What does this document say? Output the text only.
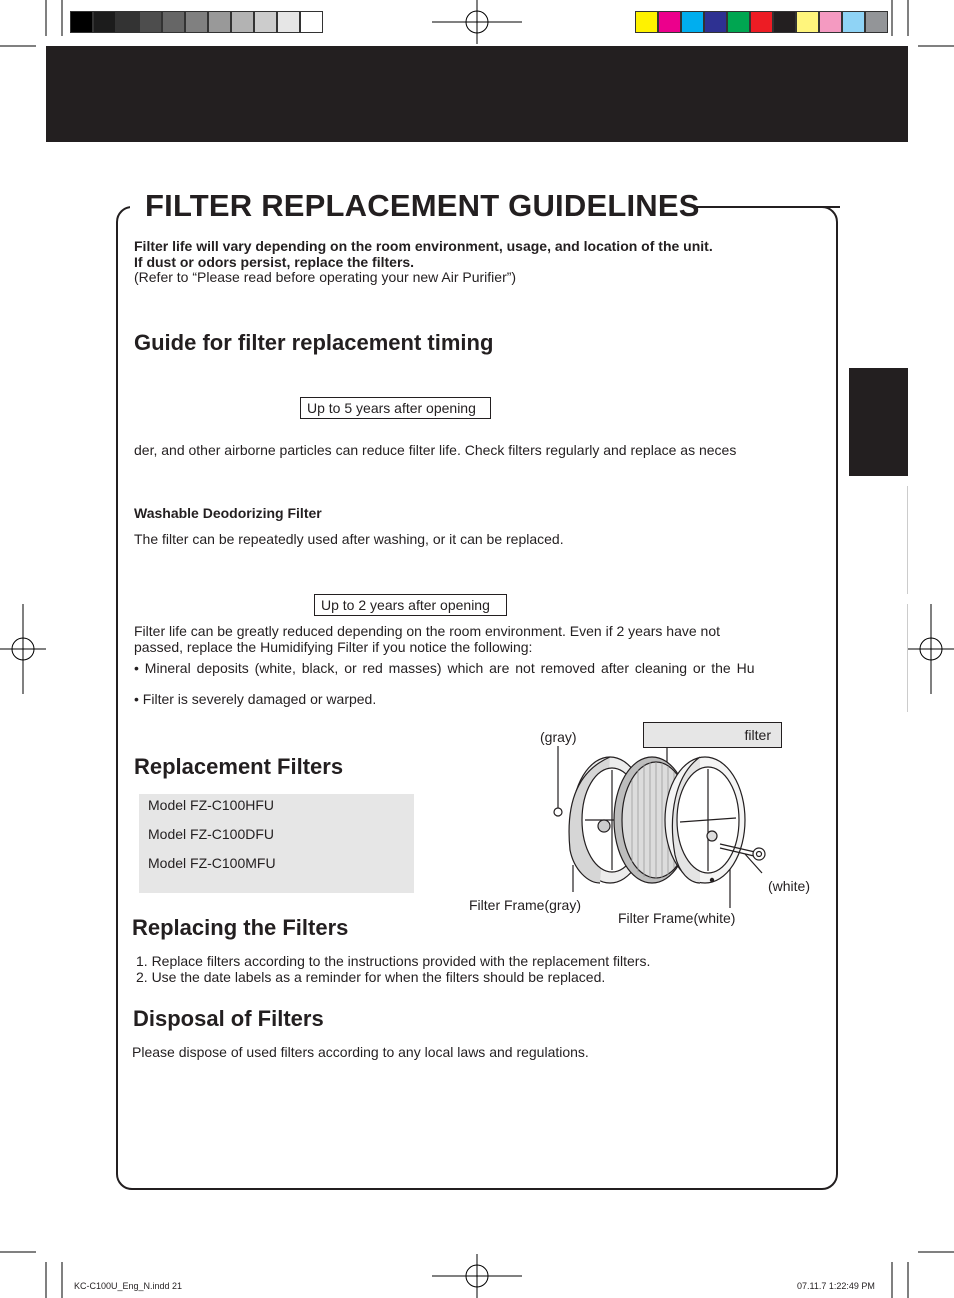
FILTER REPLACEMENT GUIDELINES
Filter life will vary depending on the room environment, usage, and location of the unit.
If dust or odors persist, replace the filters.
(Refer to “Please read before operating your new Air Purifier”)
Guide for filter replacement timing
Up to 5 years after opening
der, and other airborne particles can reduce filter life. Check filters regularly and replace as neces
Washable Deodorizing Filter
The filter can be repeatedly used after washing, or it can be replaced.
Up to 2 years after opening
Filter life can be greatly reduced depending on the room environment. Even if 2 years have not
passed, replace the Humidifying Filter if you notice the following:
• Mineral deposits (white, black, or red masses) which are not removed after cleaning or the Hu
• Filter is severely damaged or warped.
Replacement Filters
Model FZ-C100HFU
Model FZ-C100DFU
Model FZ-C100MFU
(gray)	filter
(white)
Filter Frame(gray)
Filter Frame(white)
Replacing the Filters
1. Replace filters according to the instructions provided with the replacement filters.
2. Use the date labels as a reminder for when the filters should be replaced.
Disposal of Filters
Please dispose of used filters according to any local laws and regulations.
KC-C100U_Eng_N.indd 21	07.11.7 1:22:49 PM
